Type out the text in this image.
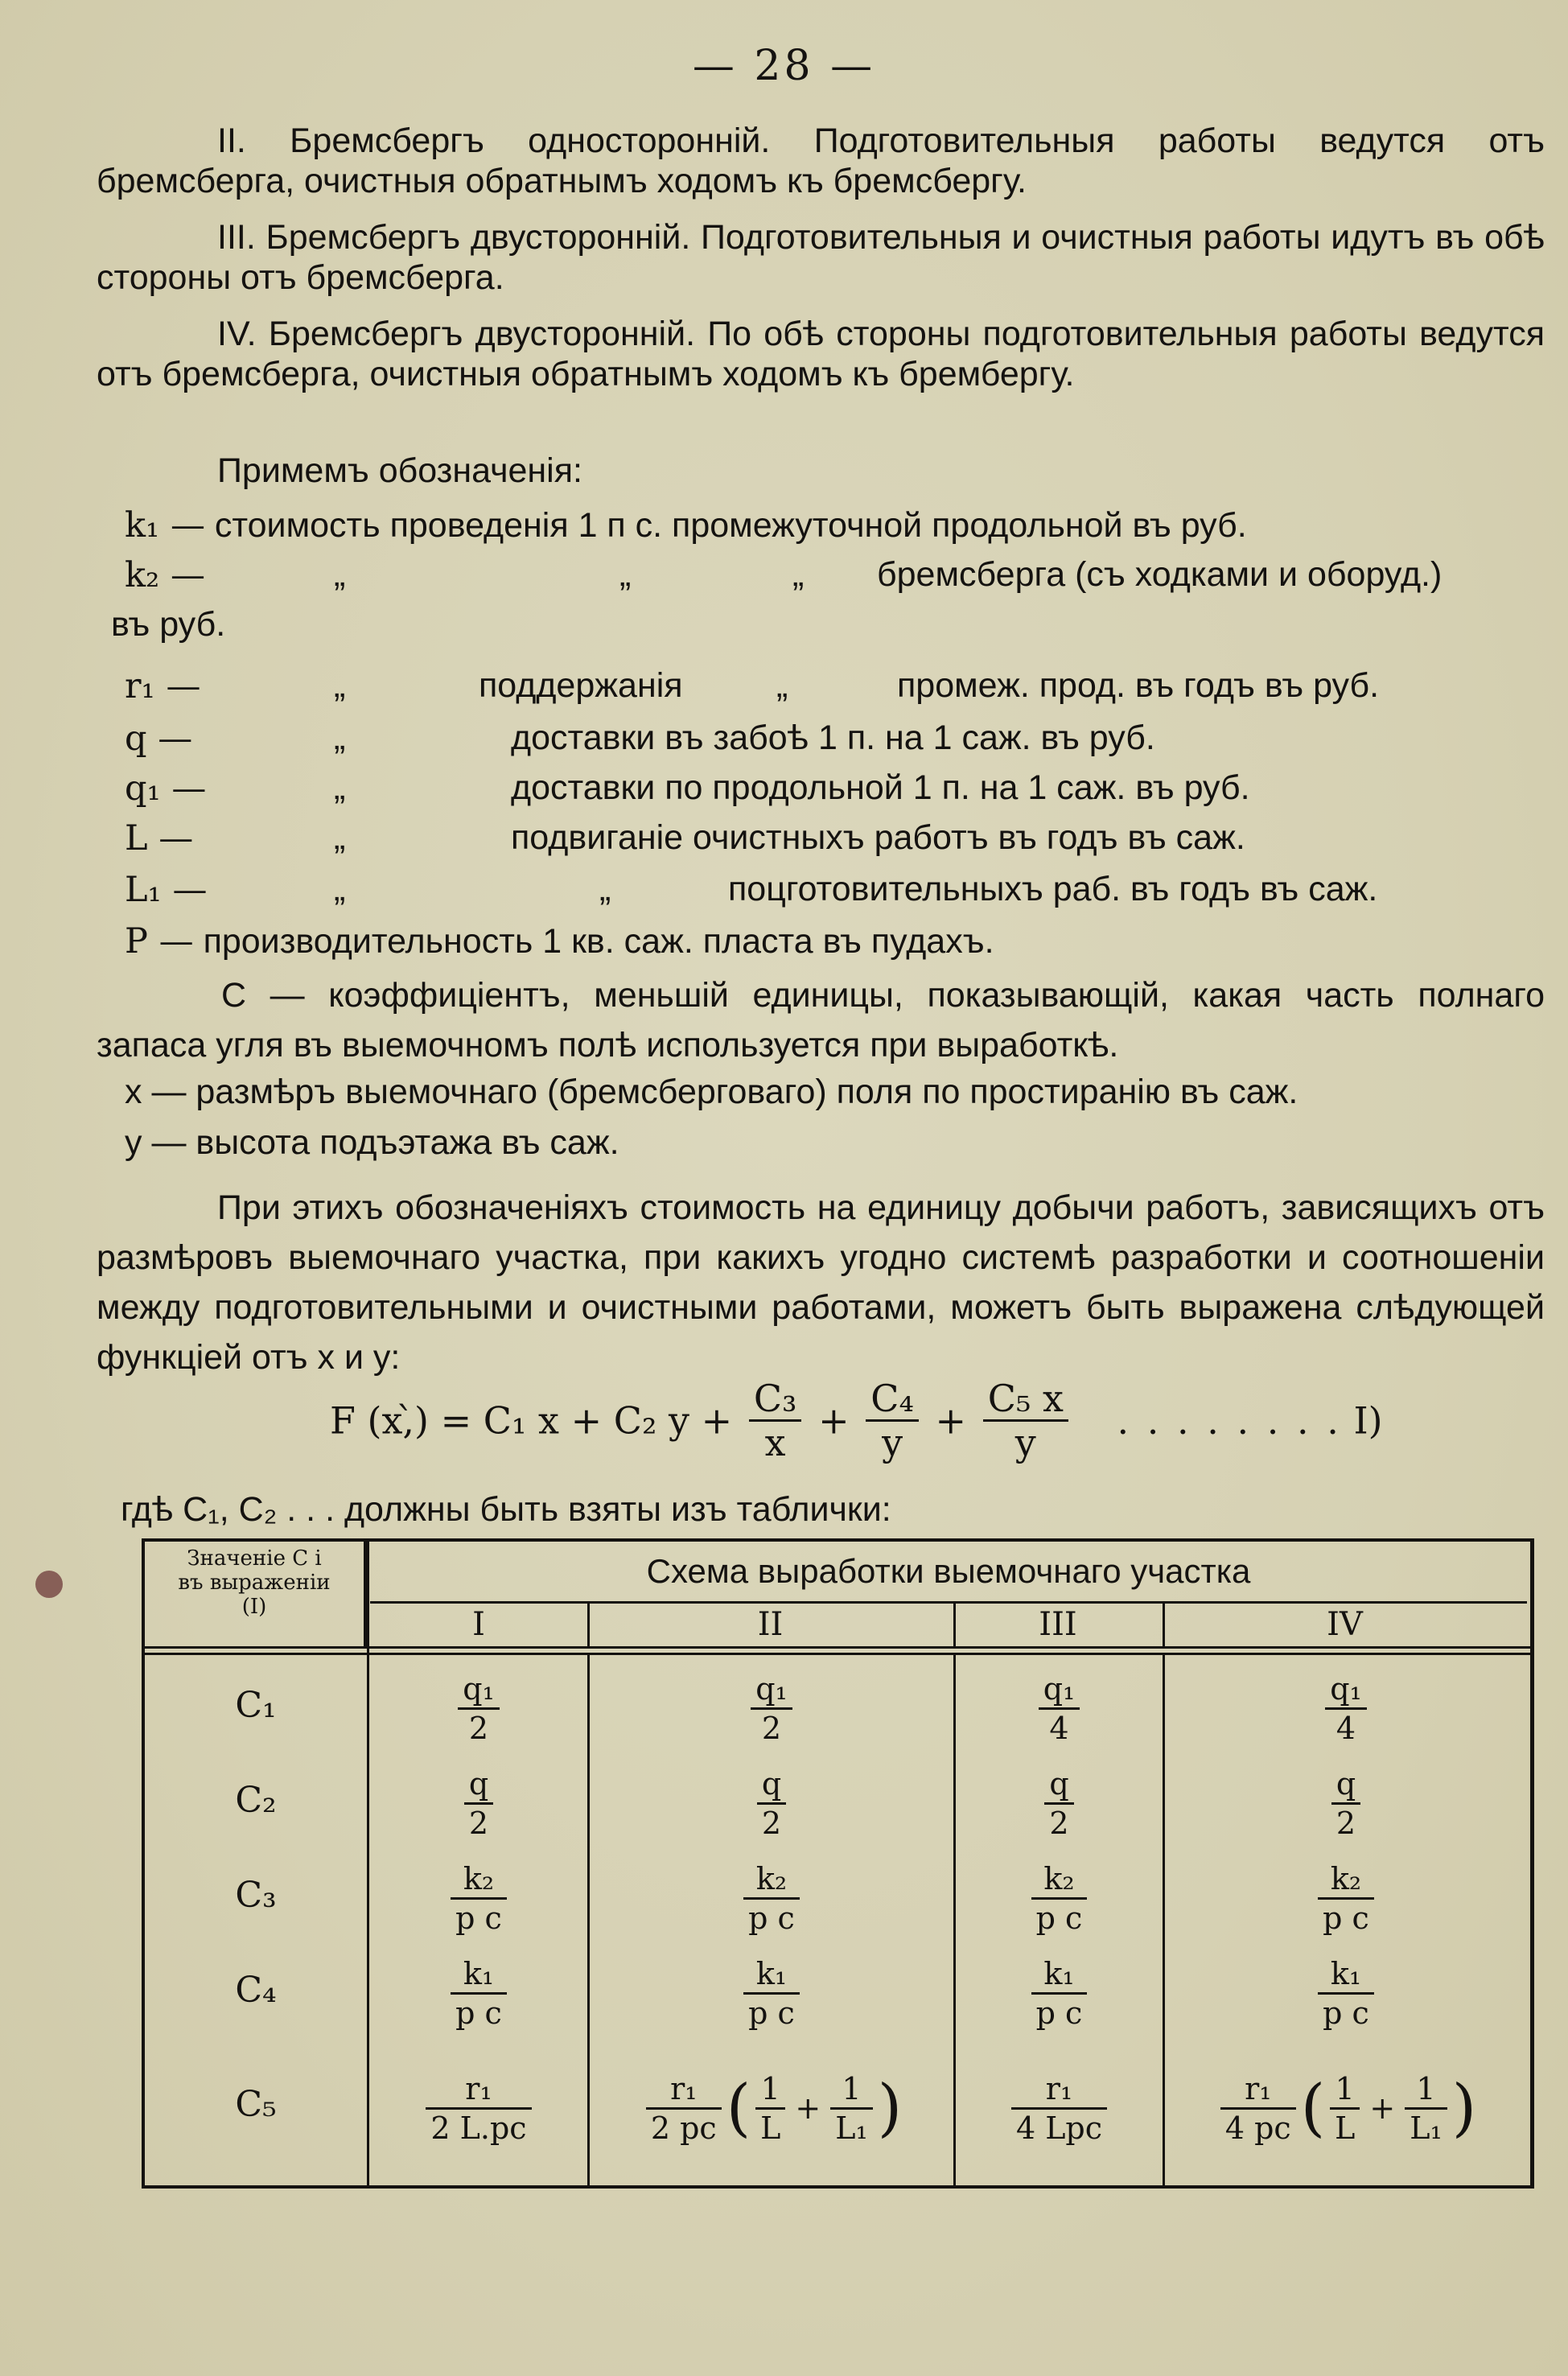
— 28 —

II. Бремсбергъ односторонній. Подготовительныя работы ведутся отъ бремсберга, очистныя обратнымъ ходомъ къ бремсбергу.

III. Бремсбергъ двусторонній. Подготовительныя и очистныя работы идутъ въ обѣ стороны отъ бремсберга.

IV. Бремсбергъ двусторонній. По обѣ стороны подготовительныя работы ведутся отъ бремсберга, очистныя обратнымъ ходомъ къ брембергу.

Примемъ обозначенія:

k₁ — стоимость проведенія 1 п с. промежуточной продольной въ руб.
k₂ —	„	„	„ бремсберга (съ ходками и оборуд.)
въ руб.
r₁ —	„	поддержанія	„	промеж. прод. въ годъ въ руб.
q —	„	доставки въ забоѣ 1 п. на 1 саж. въ руб.
q₁ —	„	доставки по продольной 1 п. на 1 саж. въ руб.
L —	„	подвиганіе очистныхъ работъ въ годъ въ саж.
L₁ —	„	„	поцготовительныхъ раб. въ годъ въ саж.
P — производительность 1 кв. саж. пласта въ пудахъ.

C — коэффиціентъ, меньшій единицы, показывающій, какая часть полнаго запаса угля въ выемочномъ полѣ используется при выработкѣ.

x — размѣръ выемочнаго (бремсберговаго) поля по простиранію въ саж.
y — высота подъэтажа въ саж.

При этихъ обозначеніяхъ стоимость на единицу добычи работъ, зависящихъ отъ размѣровъ выемочнаго участка, при какихъ угодно системѣ разработки и соотношеніи между подготовительными и очистными работами, можетъ быть выражена слѣдующей функціей отъ x и y:

F (x,̀) = C₁ x + C₂ $y + \frac{\text{C₃}}{x} + \frac{\text{C₄}}{y} + \frac{\text{C₅ x}}{y}$ . . . . . . . . I)
гдѣ C₁, C₂ . . . должны быть взяты изъ таблички:
Значеніе C i
въ выраженіи
(I)
Схема выработки выемочнаго участка
I	II	III	IV
C₁	$\frac{\text{q₁}}{2}$	$\frac{\text{q₁}}{2}$	$\frac{\text{q₁}}{4}$	$\frac{\text{q₁}}{4}$
C₂	$\frac{q}{2}$	$\frac{q}{2}$	$\frac{q}{2}$	$\frac{q}{2}$
C₃	$\frac{\text{k₂}}{\text{p c}}$	$\frac{\text{k₂}}{\text{p c}}$	$\frac{\text{k₂}}{\text{p c}}$	$\frac{\text{k₂}}{\text{p c}}$
C₄	$\frac{\text{k₁}}{\text{p c}}$	$\frac{\text{k₁}}{\text{p c}}$	$\frac{\text{k₁}}{\text{p c}}$	$\frac{\text{k₁}}{\text{p c}}$
C₅	$\frac{\text{r₁}}{2 L.pc}$	$\frac{\text{r₁}}{2 pc}$ ( $\frac{1}{L} + \frac{1}{\text{L₁}}$ )	$\frac{\text{r₁}}{\text{4 Lpc}}$	$\frac{\text{r₁}}{4 pc}$ ( $\frac{1}{L} + \frac{1}{\text{L₁}}$ )
